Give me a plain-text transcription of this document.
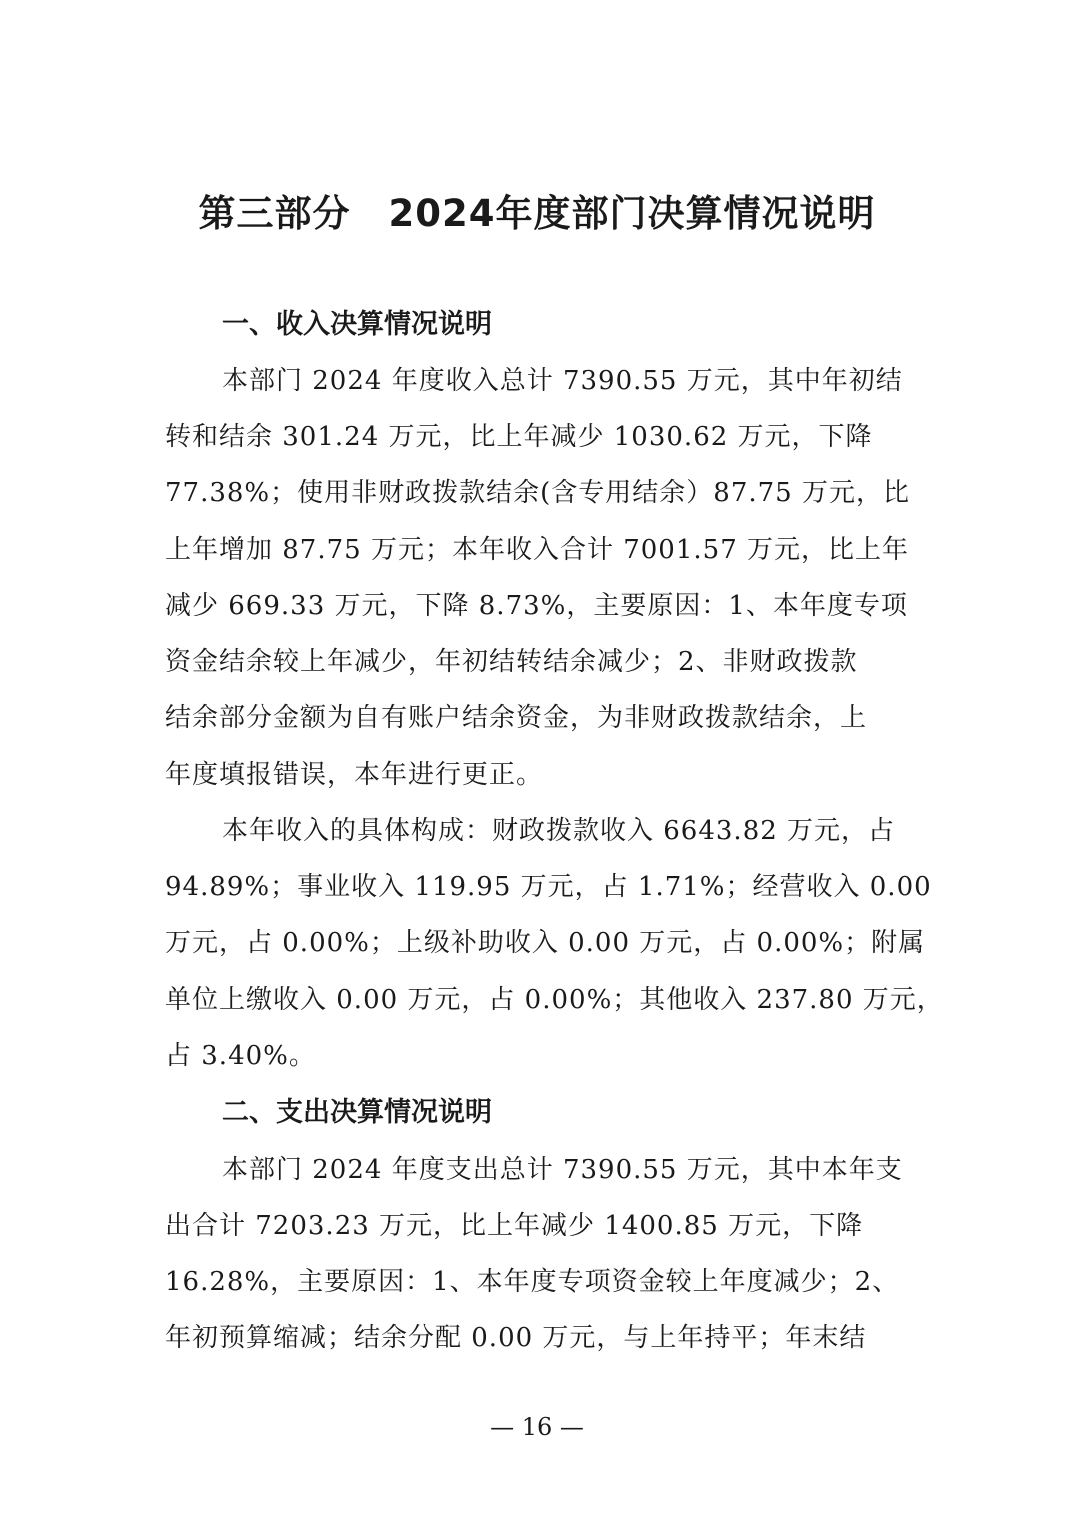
第三部分　2024年度部门决算情况说明
一、收入决算情况说明

本部门 2024 年度收入总计 7390.55 万元，其中年初结

转和结余 301.24 万元，比上年减少 1030.62 万元，下降

77.38%；使用非财政拨款结余(含专用结余）87.75 万元，比

上年增加 87.75 万元；本年收入合计 7001.57 万元，比上年

减少 669.33 万元，下降 8.73%，主要原因：1、本年度专项

资金结余较上年减少，年初结转结余减少；2、非财政拨款

结余部分金额为自有账户结余资金，为非财政拨款结余，上

年度填报错误，本年进行更正。

本年收入的具体构成：财政拨款收入 6643.82 万元，占

94.89%；事业收入 119.95 万元，占 1.71%；经营收入 0.00

万元，占 0.00%；上级补助收入 0.00 万元，占 0.00%；附属

单位上缴收入 0.00 万元，占 0.00%；其他收入 237.80 万元，

占 3.40%。

二、支出决算情况说明

本部门 2024 年度支出总计 7390.55 万元，其中本年支

出合计 7203.23 万元，比上年减少 1400.85 万元，下降

16.28%，主要原因：1、本年度专项资金较上年度减少；2、

年初预算缩减；结余分配 0.00 万元，与上年持平；年末结

— 16 —
